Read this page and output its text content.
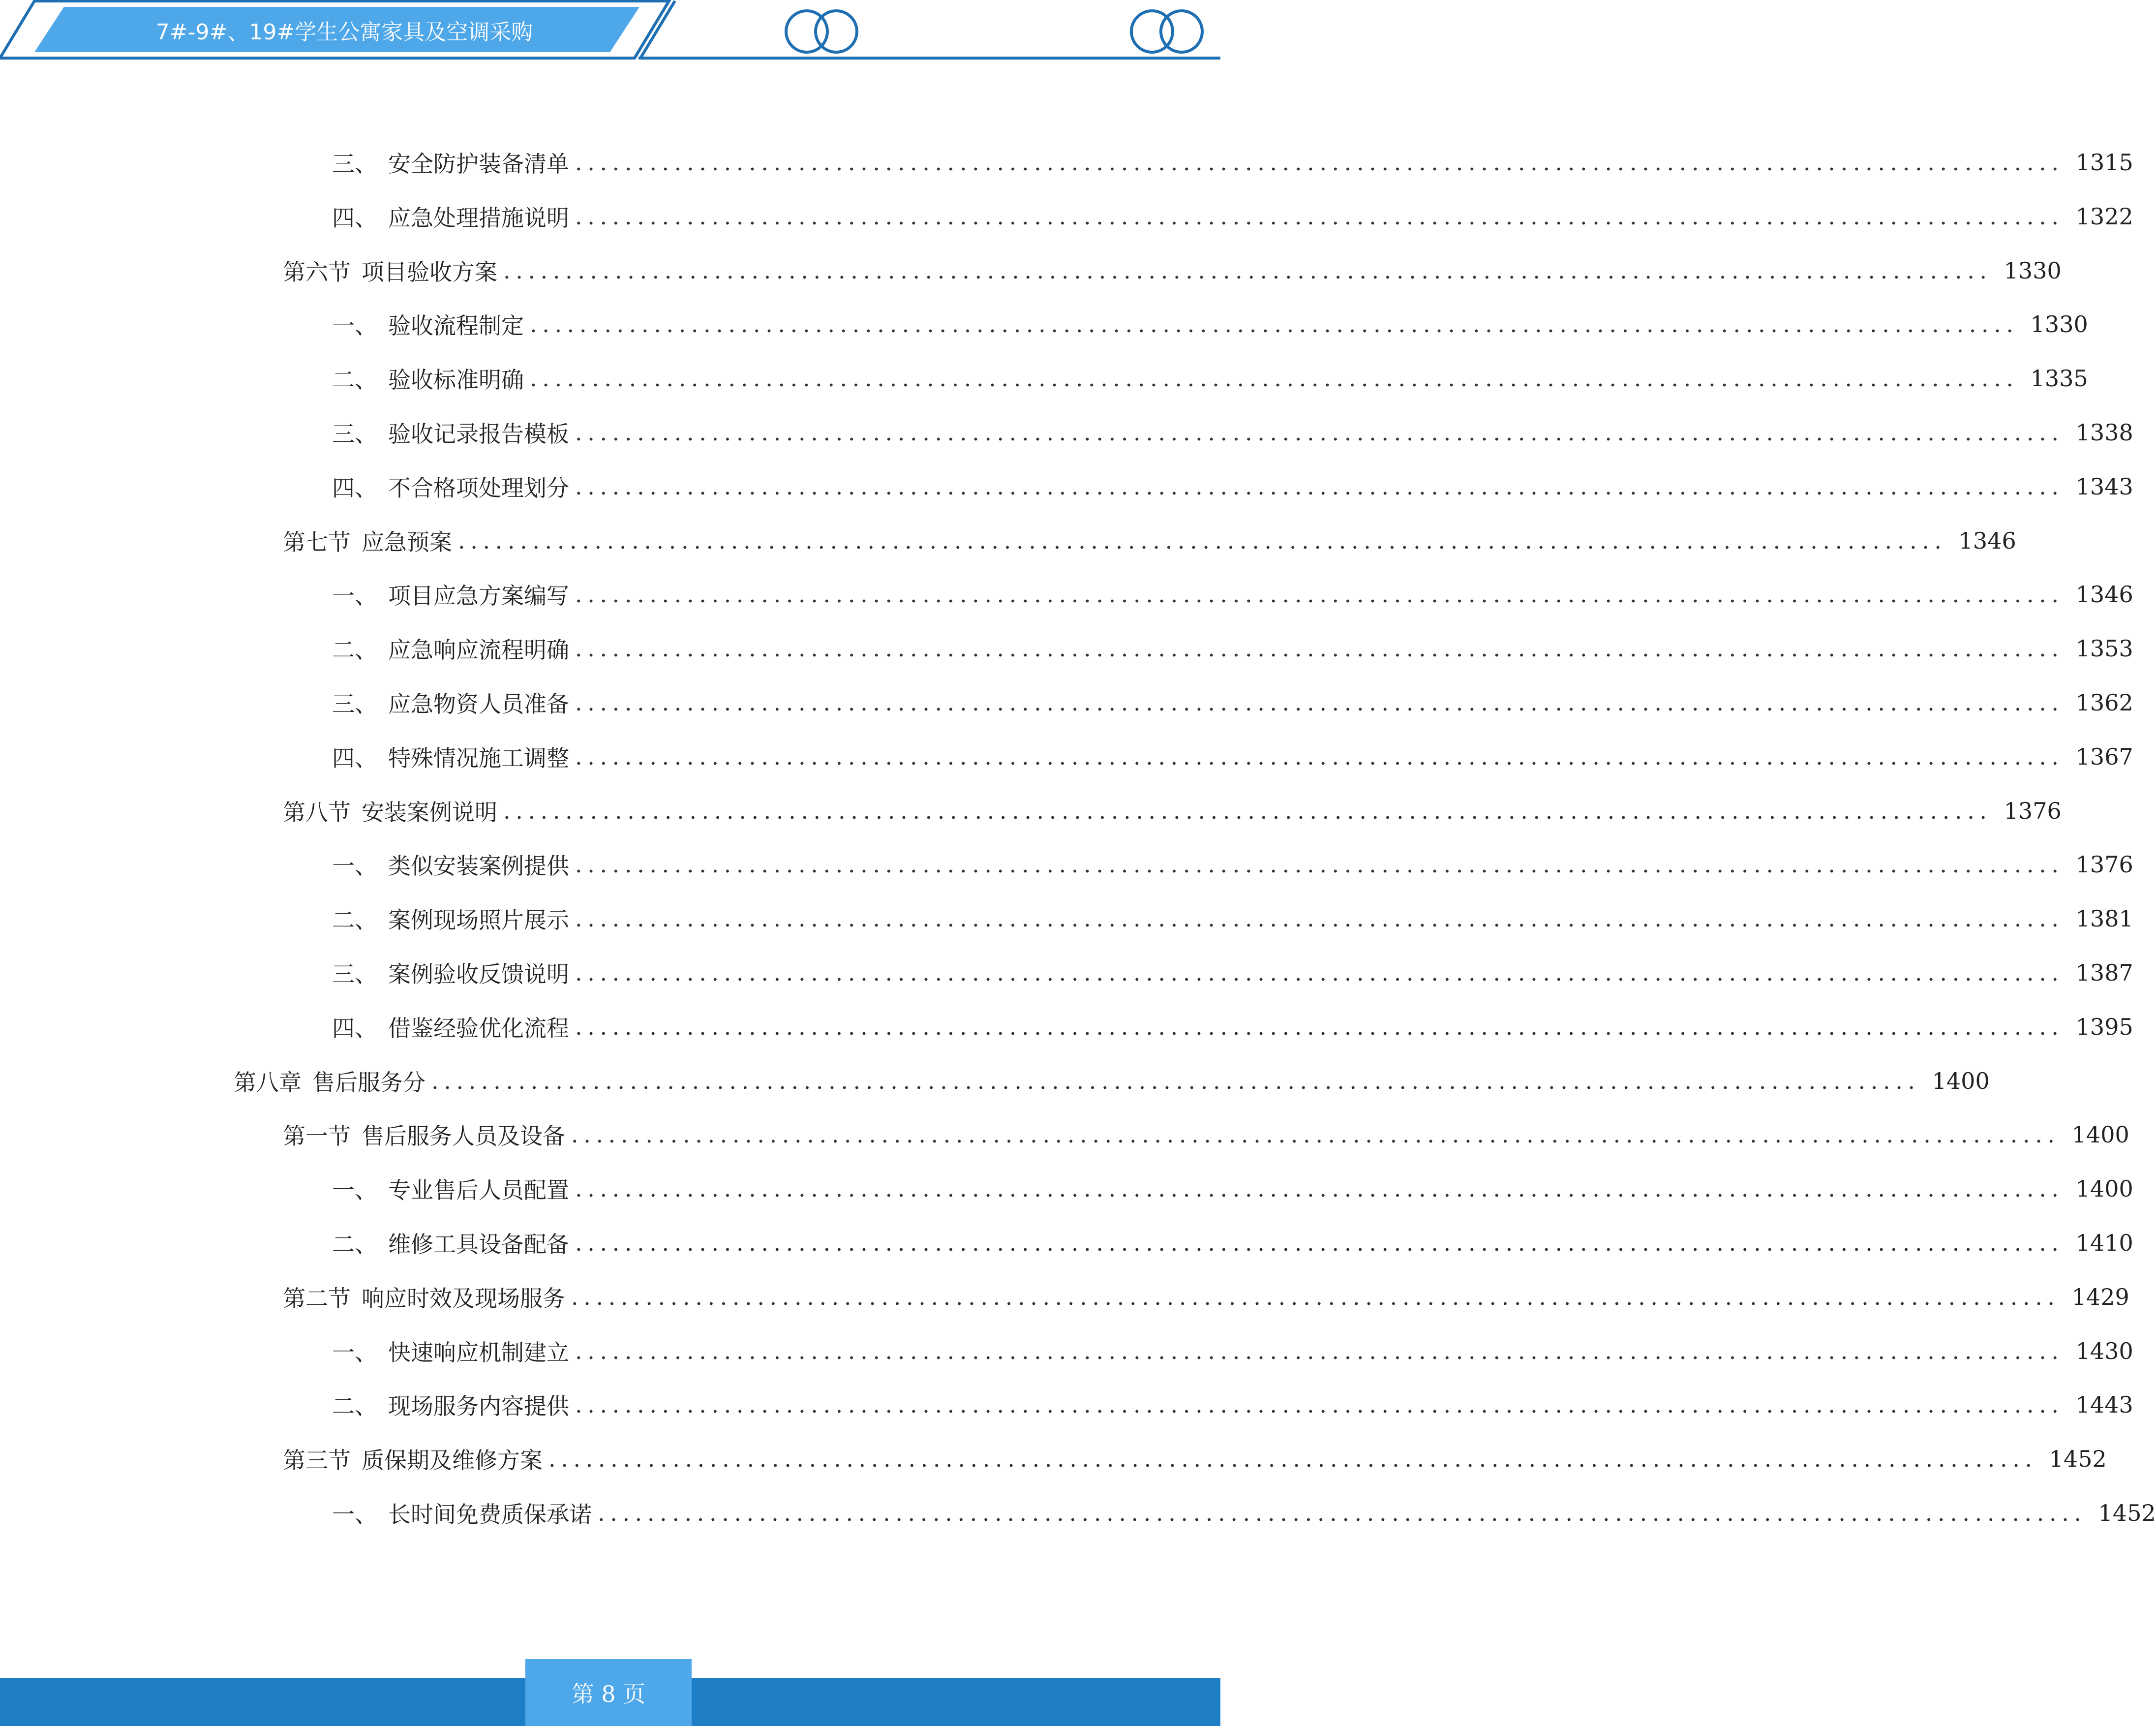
7#-9#、19#学生公寓家具及空调采购
三、 安全防护装备清单 ........................................................................................................................ 1315
四、 应急处理措施说明 ........................................................................................................................ 1322
第六节 项目验收方案 ........................................................................................................................ 1330
一、 验收流程制定 ........................................................................................................................ 1330
二、 验收标准明确 ........................................................................................................................ 1335
三、 验收记录报告模板 ........................................................................................................................ 1338
四、 不合格项处理划分 ........................................................................................................................ 1343
第七节 应急预案 ........................................................................................................................ 1346
一、 项目应急方案编写 ........................................................................................................................ 1346
二、 应急响应流程明确 ........................................................................................................................ 1353
三、 应急物资人员准备 ........................................................................................................................ 1362
四、 特殊情况施工调整 ........................................................................................................................ 1367
第八节 安装案例说明 ........................................................................................................................ 1376
一、 类似安装案例提供 ........................................................................................................................ 1376
二、 案例现场照片展示 ........................................................................................................................ 1381
三、 案例验收反馈说明 ........................................................................................................................ 1387
四、 借鉴经验优化流程 ........................................................................................................................ 1395
第八章 售后服务分 ........................................................................................................................ 1400
第一节 售后服务人员及设备 ........................................................................................................................ 1400
一、 专业售后人员配置 ........................................................................................................................ 1400
二、 维修工具设备配备 ........................................................................................................................ 1410
第二节 响应时效及现场服务 ........................................................................................................................ 1429
一、 快速响应机制建立 ........................................................................................................................ 1430
二、 现场服务内容提供 ........................................................................................................................ 1443
第三节 质保期及维修方案 ........................................................................................................................ 1452
一、 长时间免费质保承诺 ........................................................................................................................ 1452
第 8 页
